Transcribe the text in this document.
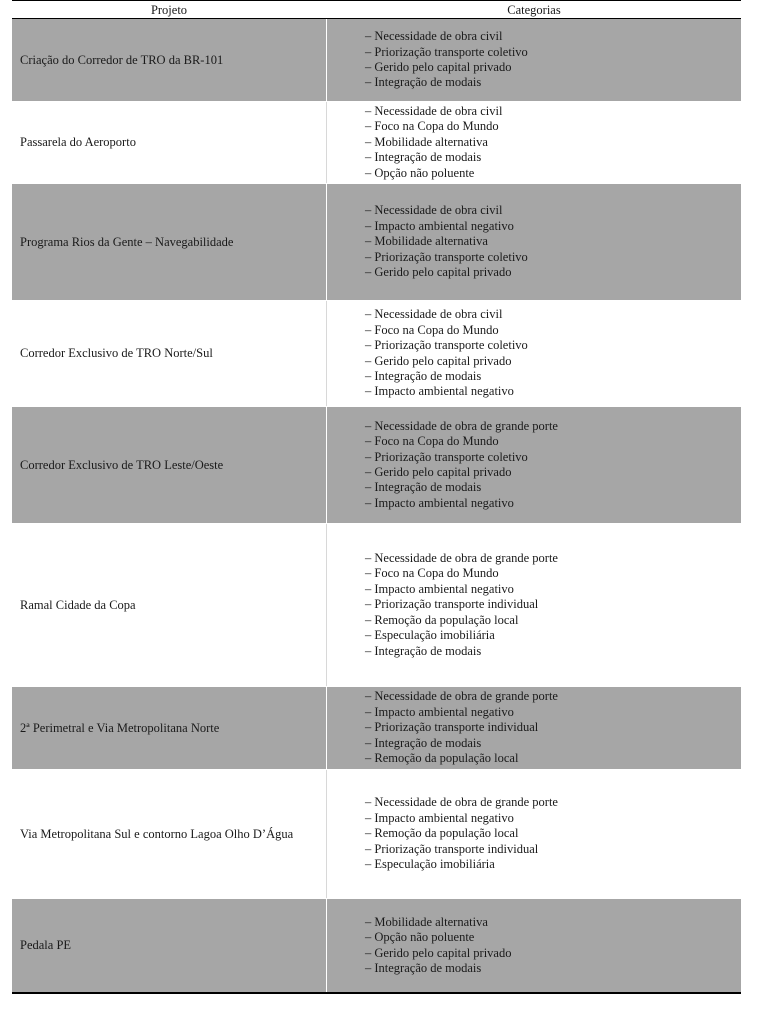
Projeto	Categorias
Criação do Corredor de TRO da BR-101
– Necessidade de obra civil
– Priorização transporte coletivo
– Gerido pelo capital privado
– Integração de modais
Passarela do Aeroporto
– Necessidade de obra civil
– Foco na Copa do Mundo
– Mobilidade alternativa
– Integração de modais
– Opção não poluente
Programa Rios da Gente – Navegabilidade
– Necessidade de obra civil
– Impacto ambiental negativo
– Mobilidade alternativa
– Priorização transporte coletivo
– Gerido pelo capital privado
Corredor Exclusivo de TRO Norte/Sul
– Necessidade de obra civil
– Foco na Copa do Mundo
– Priorização transporte coletivo
– Gerido pelo capital privado
– Integração de modais
– Impacto ambiental negativo
Corredor Exclusivo de TRO Leste/Oeste
– Necessidade de obra de grande porte
– Foco na Copa do Mundo
– Priorização transporte coletivo
– Gerido pelo capital privado
– Integração de modais
– Impacto ambiental negativo
Ramal Cidade da Copa
– Necessidade de obra de grande porte
– Foco na Copa do Mundo
– Impacto ambiental negativo
– Priorização transporte individual
– Remoção da população local
– Especulação imobiliária
– Integração de modais
2ª Perimetral e Via Metropolitana Norte
– Necessidade de obra de grande porte
– Impacto ambiental negativo
– Priorização transporte individual
– Integração de modais
– Remoção da população local
Via Metropolitana Sul e contorno Lagoa Olho D’Água
– Necessidade de obra de grande porte
– Impacto ambiental negativo
– Remoção da população local
– Priorização transporte individual
– Especulação imobiliária
Pedala PE
– Mobilidade alternativa
– Opção não poluente
– Gerido pelo capital privado
– Integração de modais
